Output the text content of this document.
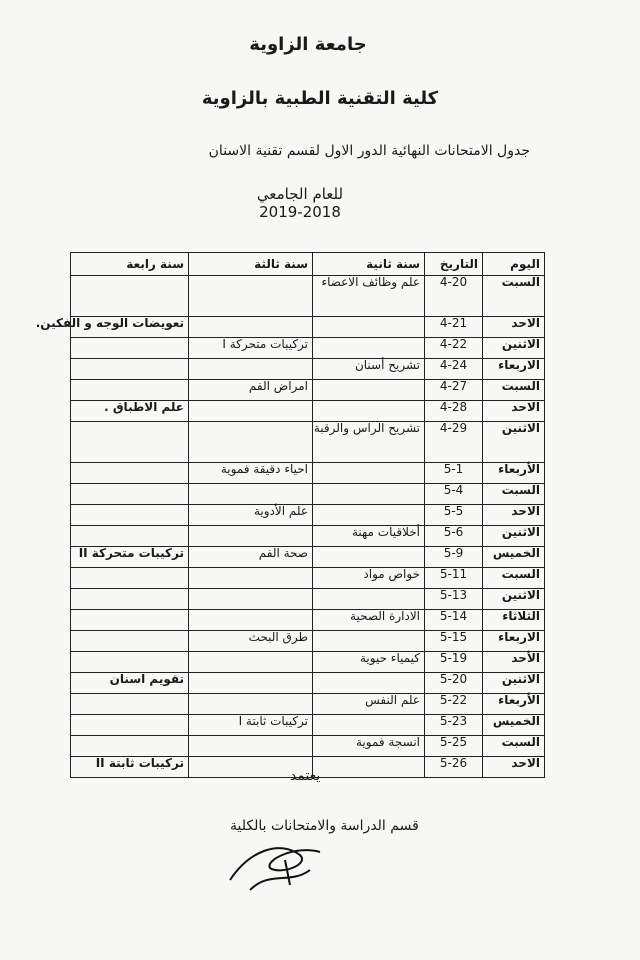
جامعة الزاوية
كلية التقنية الطبية بالزاوية
جدول الامتحانات النهائية الدور الاول لقسم تقنية الاسنان
للعام الجامعي
2019-2018
اليوم	التاريخ	سنة ثانية	سنة ثالثة	سنة رابعة
السبت	4-20	علم وظائف الاعضاء		
الاحد	4-21			تعويضات الوجه و الفكين.
الاثنين	4-22		تركيبات متحركة I	
الاربعاء	4-24	تشريح أسنان		
السبت	4-27		امراض الفم	
الاحد	4-28			علم الاطباق .
الاثنين	4-29	تشريح الراس والرقبة		
الأربعاء	5-1		احياء دقيقة فموية	
السبت	5-4			
الاحد	5-5		علم الأدوية	
الاثنين	5-6	أخلاقيات مهنة		
الخميس	5-9		صحة الفم	تركيبات متحركة II
السبت	5-11	خواص مواد		
الاثنين	5-13			
الثلاثاء	5-14	الادارة الصحية		
الاربعاء	5-15		طرق البحث	
الأحد	5-19	كيمياء حيوية		
الاثنين	5-20			تقويم اسنان
الأربعاء	5-22	علم النفس		
الخميس	5-23		تركيبات ثابتة I	
السبت	5-25	انسجة فموية		
الاحد	5-26			تركيبات ثابتة II
يعتمد
قسم الدراسة والامتحانات بالكلية
